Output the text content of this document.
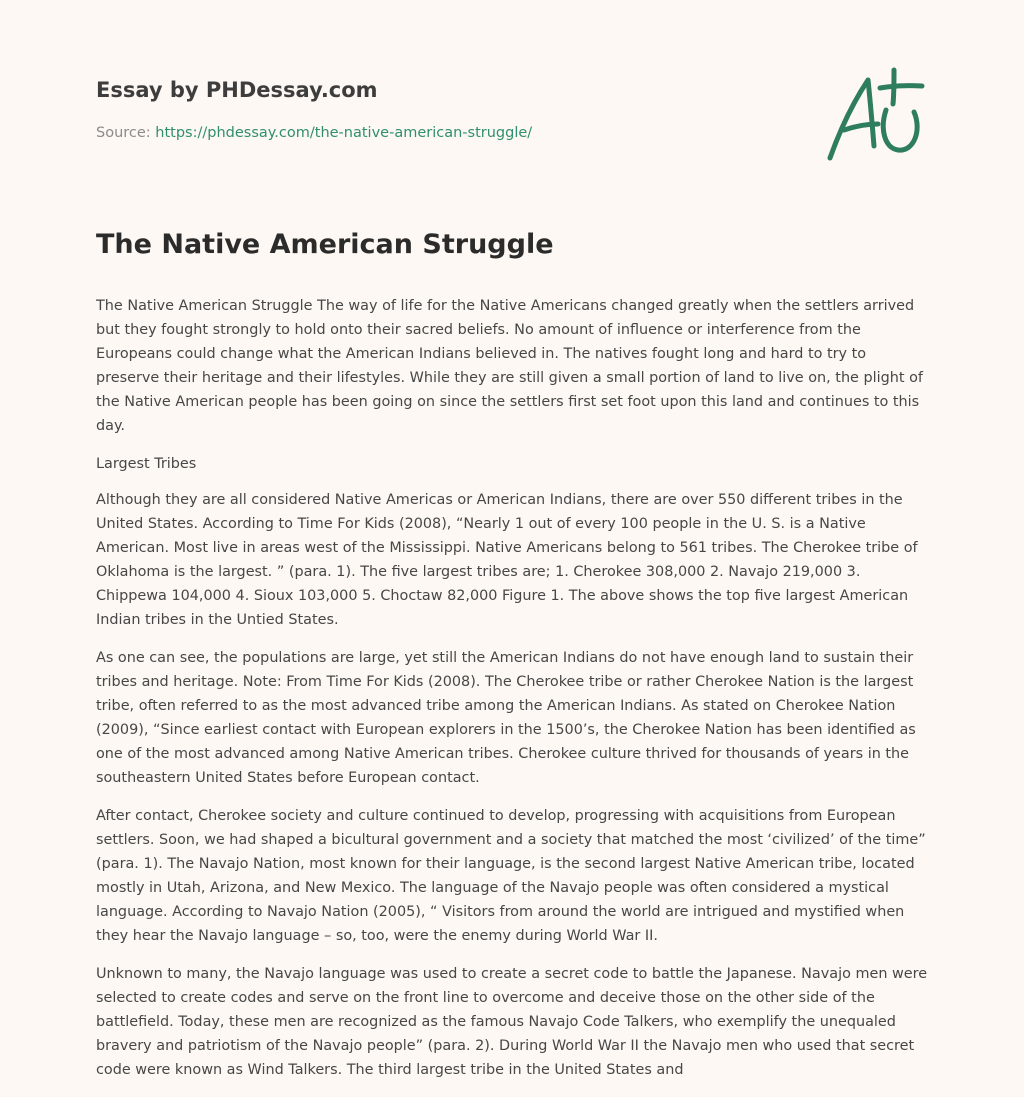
Essay by PHDessay.com
Source: https://phdessay.com/the-native-american-struggle/
The Native American Struggle

The Native American Struggle The way of life for the Native Americans changed greatly when the settlers arrived but they fought strongly to hold onto their sacred beliefs. No amount of influence or interference from the Europeans could change what the American Indians believed in. The natives fought long and hard to try to preserve their heritage and their lifestyles. While they are still given a small portion of land to live on, the plight of the Native American people has been going on since the settlers first set foot upon this land and continues to this day.

Largest Tribes

Although they are all considered Native Americas or American Indians, there are over 550 different tribes in the United States. According to Time For Kids (2008), “Nearly 1 out of every 100 people in the U. S. is a Native American. Most live in areas west of the Mississippi. Native Americans belong to 561 tribes. The Cherokee tribe of Oklahoma is the largest. ” (para. 1). The five largest tribes are; 1. Cherokee 308,000 2. Navajo 219,000 3. Chippewa 104,000 4. Sioux 103,000 5. Choctaw 82,000 Figure 1. The above shows the top five largest American Indian tribes in the Untied States.

As one can see, the populations are large, yet still the American Indians do not have enough land to sustain their tribes and heritage. Note: From Time For Kids (2008). The Cherokee tribe or rather Cherokee Nation is the largest tribe, often referred to as the most advanced tribe among the American Indians. As stated on Cherokee Nation (2009), “Since earliest contact with European explorers in the 1500’s, the Cherokee Nation has been identified as one of the most advanced among Native American tribes. Cherokee culture thrived for thousands of years in the southeastern United States before European contact.

After contact, Cherokee society and culture continued to develop, progressing with acquisitions from European settlers. Soon, we had shaped a bicultural government and a society that matched the most ‘civilized’ of the time” (para. 1). The Navajo Nation, most known for their language, is the second largest Native American tribe, located mostly in Utah, Arizona, and New Mexico. The language of the Navajo people was often considered a mystical language. According to Navajo Nation (2005), “ Visitors from around the world are intrigued and mystified when they hear the Navajo language – so, too, were the enemy during World War II.

Unknown to many, the Navajo language was used to create a secret code to battle the Japanese. Navajo men were selected to create codes and serve on the front line to overcome and deceive those on the other side of the battlefield. Today, these men are recognized as the famous Navajo Code Talkers, who exemplify the unequaled bravery and patriotism of the Navajo people” (para. 2). During World War II the Navajo men who used that secret code were known as Wind Talkers. The third largest tribe in the United States and
